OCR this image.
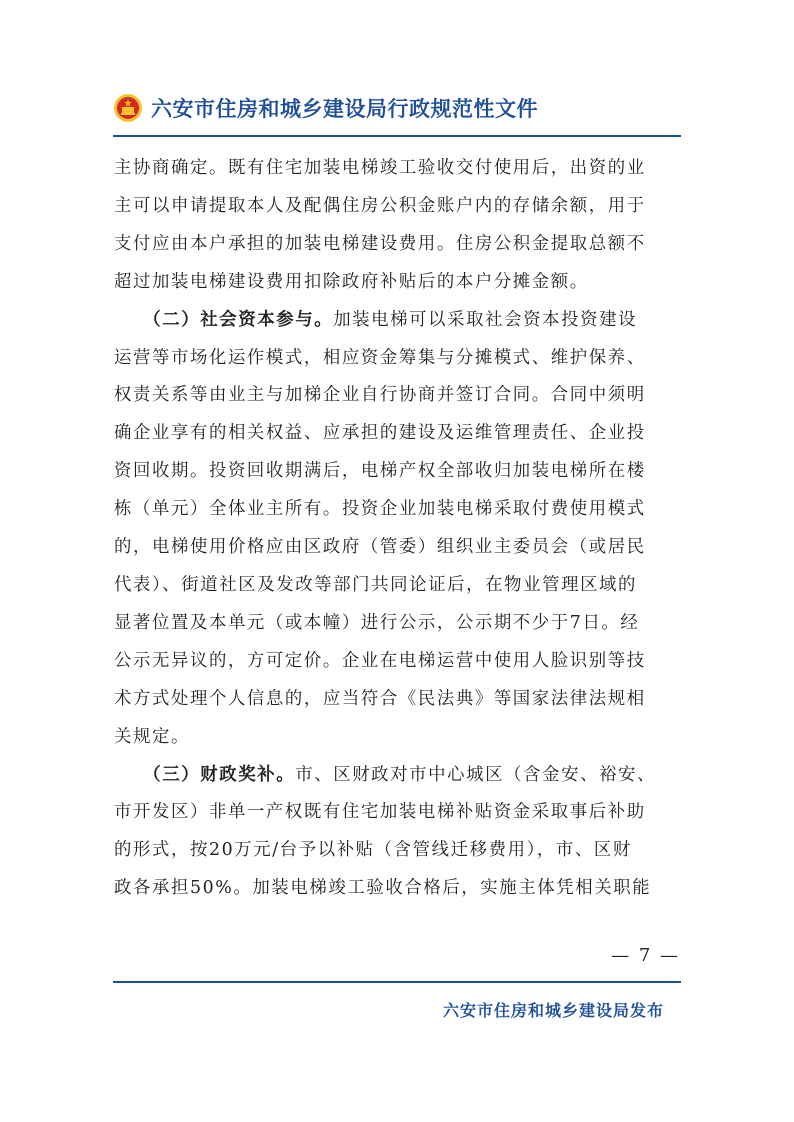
六安市住房和城乡建设局行政规范性文件

主协商确定。既有住宅加装电梯竣工验收交付使用后，出资的业

主可以申请提取本人及配偶住房公积金账户内的存储余额，用于

支付应由本户承担的加装电梯建设费用。住房公积金提取总额不

超过加装电梯建设费用扣除政府补贴后的本户分摊金额。

　　（二）社会资本参与。加装电梯可以采取社会资本投资建设

运营等市场化运作模式，相应资金筹集与分摊模式、维护保养、

权责关系等由业主与加梯企业自行协商并签订合同。合同中须明

确企业享有的相关权益、应承担的建设及运维管理责任、企业投

资回收期。投资回收期满后，电梯产权全部收归加装电梯所在楼

栋（单元）全体业主所有。投资企业加装电梯采取付费使用模式

的，电梯使用价格应由区政府（管委）组织业主委员会（或居民

代表）、街道社区及发改等部门共同论证后，在物业管理区域的

显著位置及本单元（或本幢）进行公示，公示期不少于7日。经

公示无异议的，方可定价。企业在电梯运营中使用人脸识别等技

术方式处理个人信息的，应当符合《民法典》等国家法律法规相

关规定。

　　（三）财政奖补。市、区财政对市中心城区（含金安、裕安、

市开发区）非单一产权既有住宅加装电梯补贴资金采取事后补助

的形式，按20万元/台予以补贴（含管线迁移费用），市、区财

政各承担50%。加装电梯竣工验收合格后，实施主体凭相关职能

— 7 —
六安市住房和城乡建设局发布
